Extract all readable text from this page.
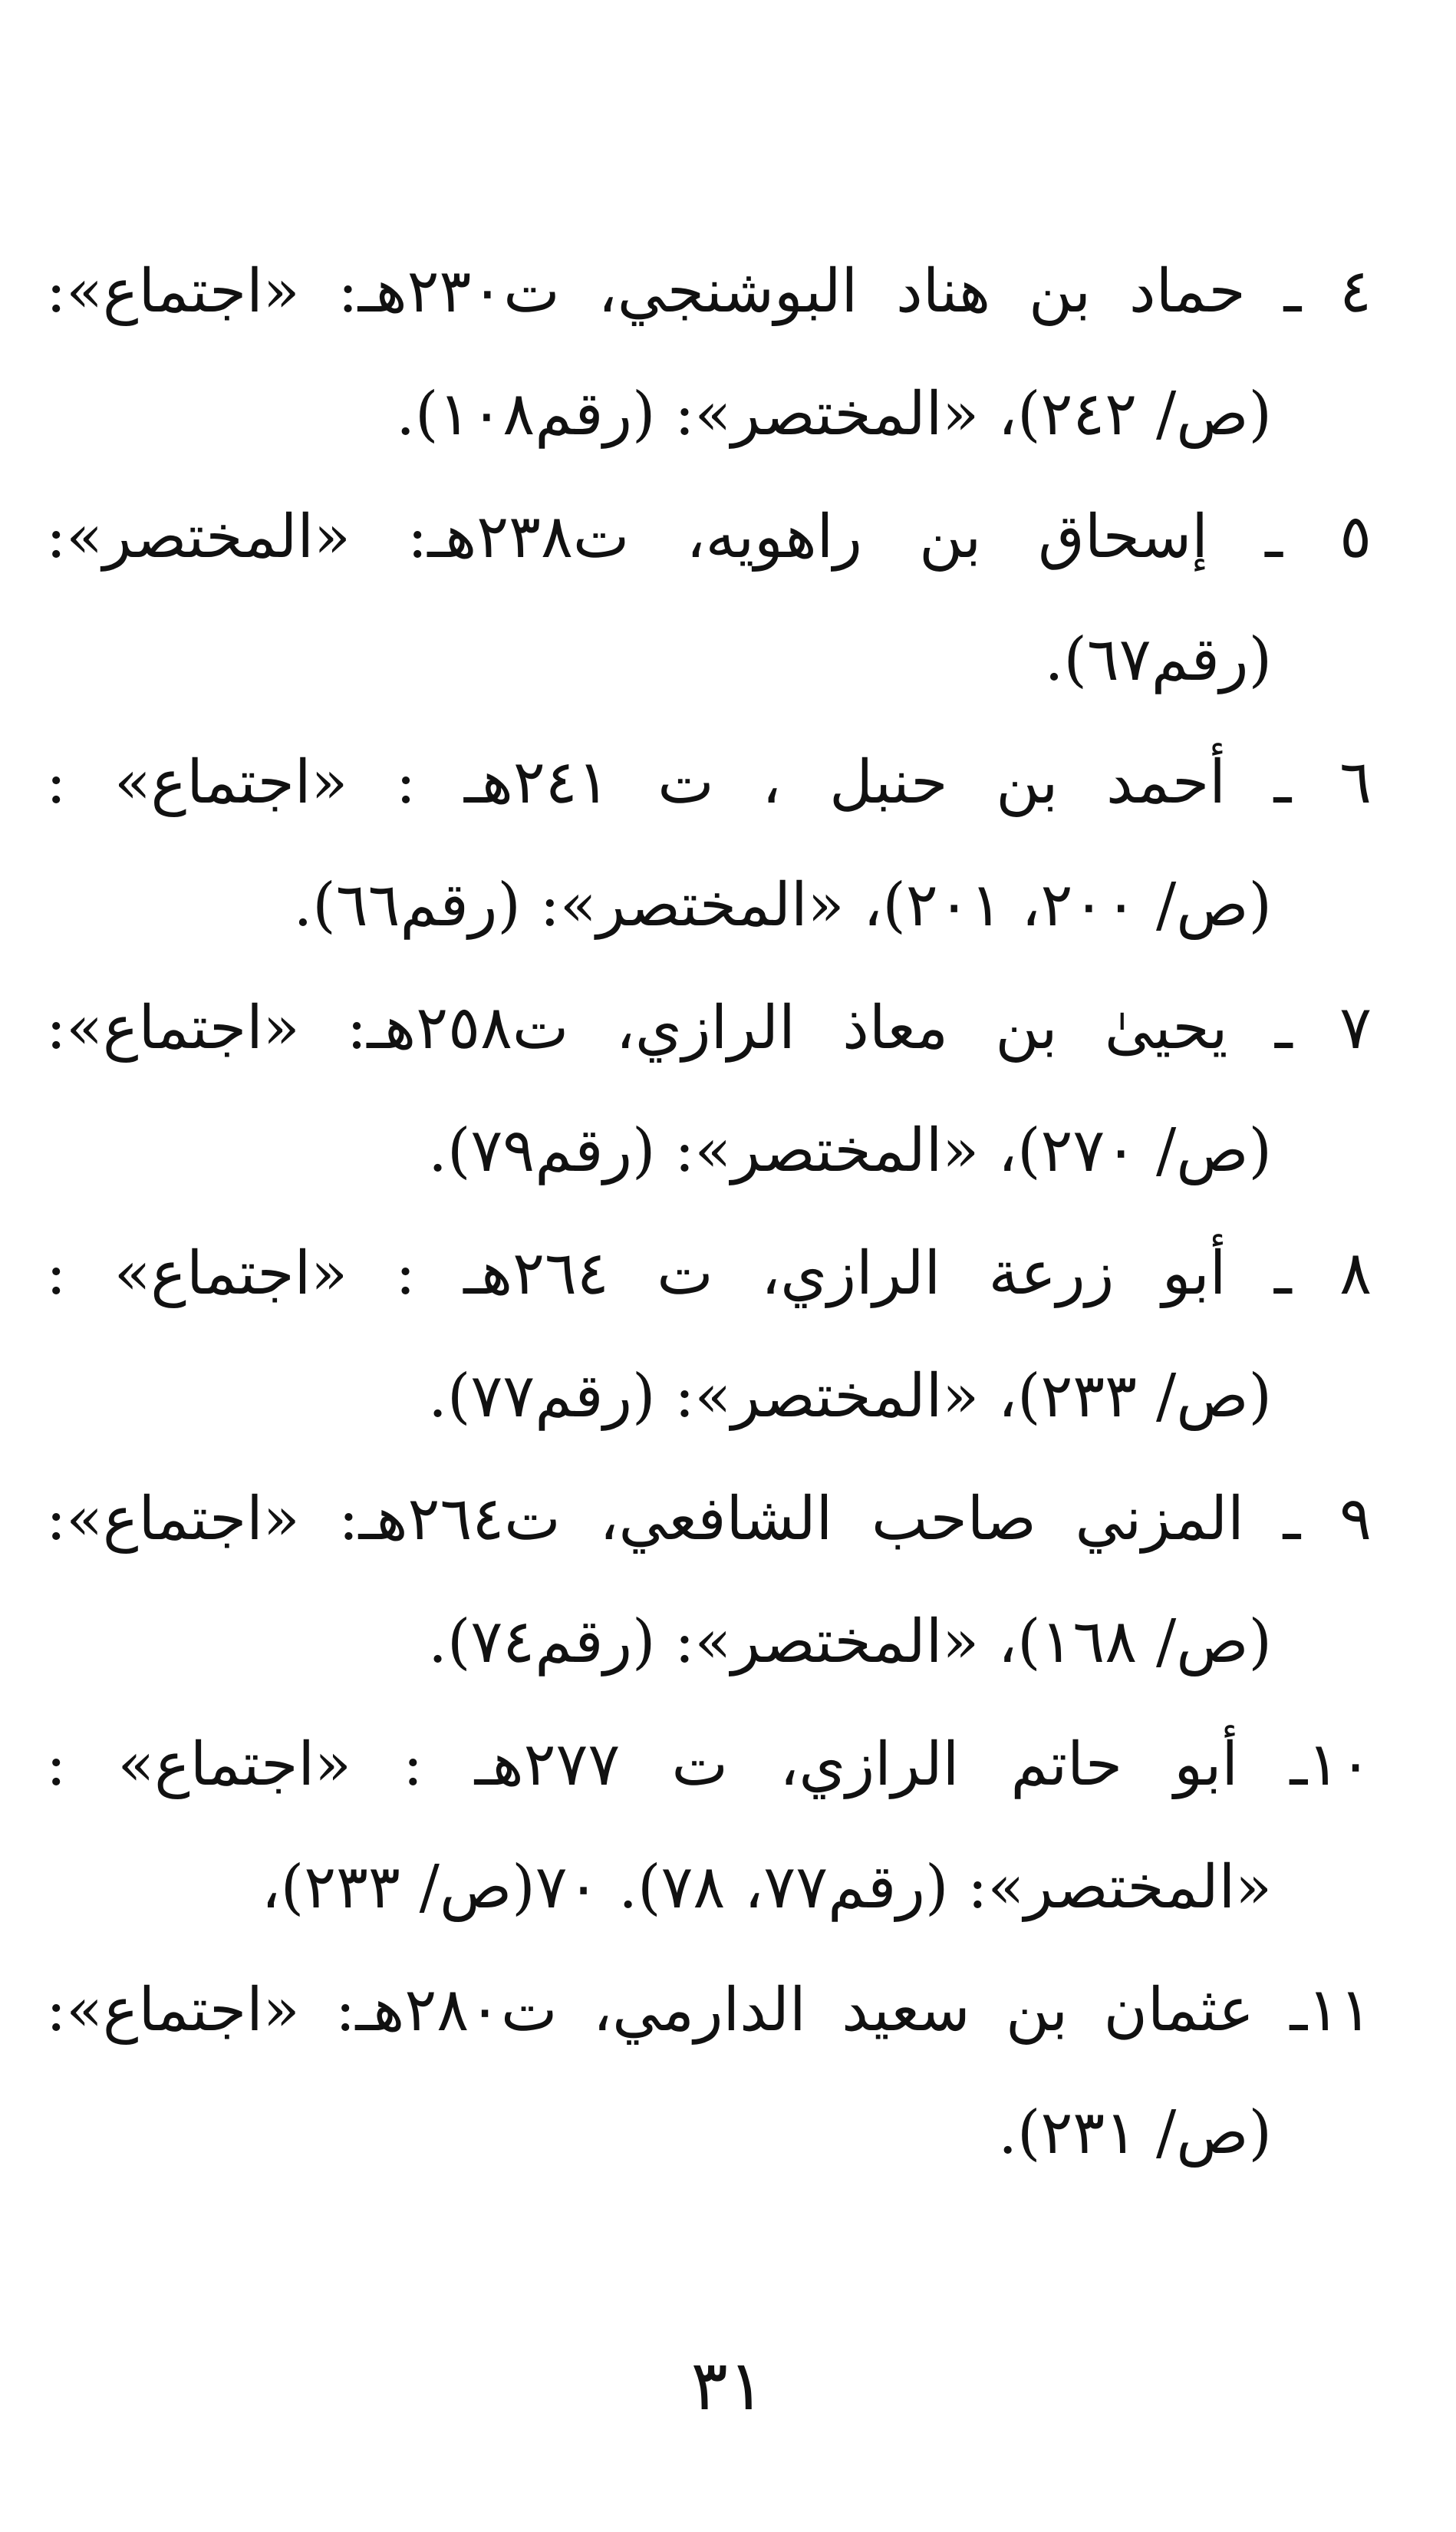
٤ ـ حماد بن هناد البوشنجي، ت٢٣٠هـ: «اجتماع»:
(ص/ ٢٤٢)، «المختصر»: (رقم١٠٨).
٥ ـ إسحاق بن راهويه، ت٢٣٨هـ: «المختصر»:
(رقم٦٧).
٦ ـ أحمد بن حنبل ، ت ٢٤١هـ : «اجتماع» :
(ص/ ٢٠٠، ٢٠١)، «المختصر»: (رقم٦٦).
٧ ـ يحيىٰ بن معاذ الرازي، ت٢٥٨هـ: «اجتماع»:
(ص/ ٢٧٠)، «المختصر»: (رقم٧٩).
٨ ـ أبو زرعة الرازي، ت ٢٦٤هـ : «اجتماع» :
(ص/ ٢٣٣)، «المختصر»: (رقم٧٧).
٩ ـ المزني صاحب الشافعي، ت٢٦٤هـ: «اجتماع»:
(ص/ ١٦٨)، «المختصر»: (رقم٧٤).
١٠ـ أبو حاتم الرازي، ت ٢٧٧هـ : «اجتماع» :
«المختصر»: (رقم٧٧، ٧٨). ٧٠(ص/ ٢٣٣)،
١١ـ عثمان بن سعيد الدارمي، ت٢٨٠هـ: «اجتماع»:
(ص/ ٢٣١).
٣١
